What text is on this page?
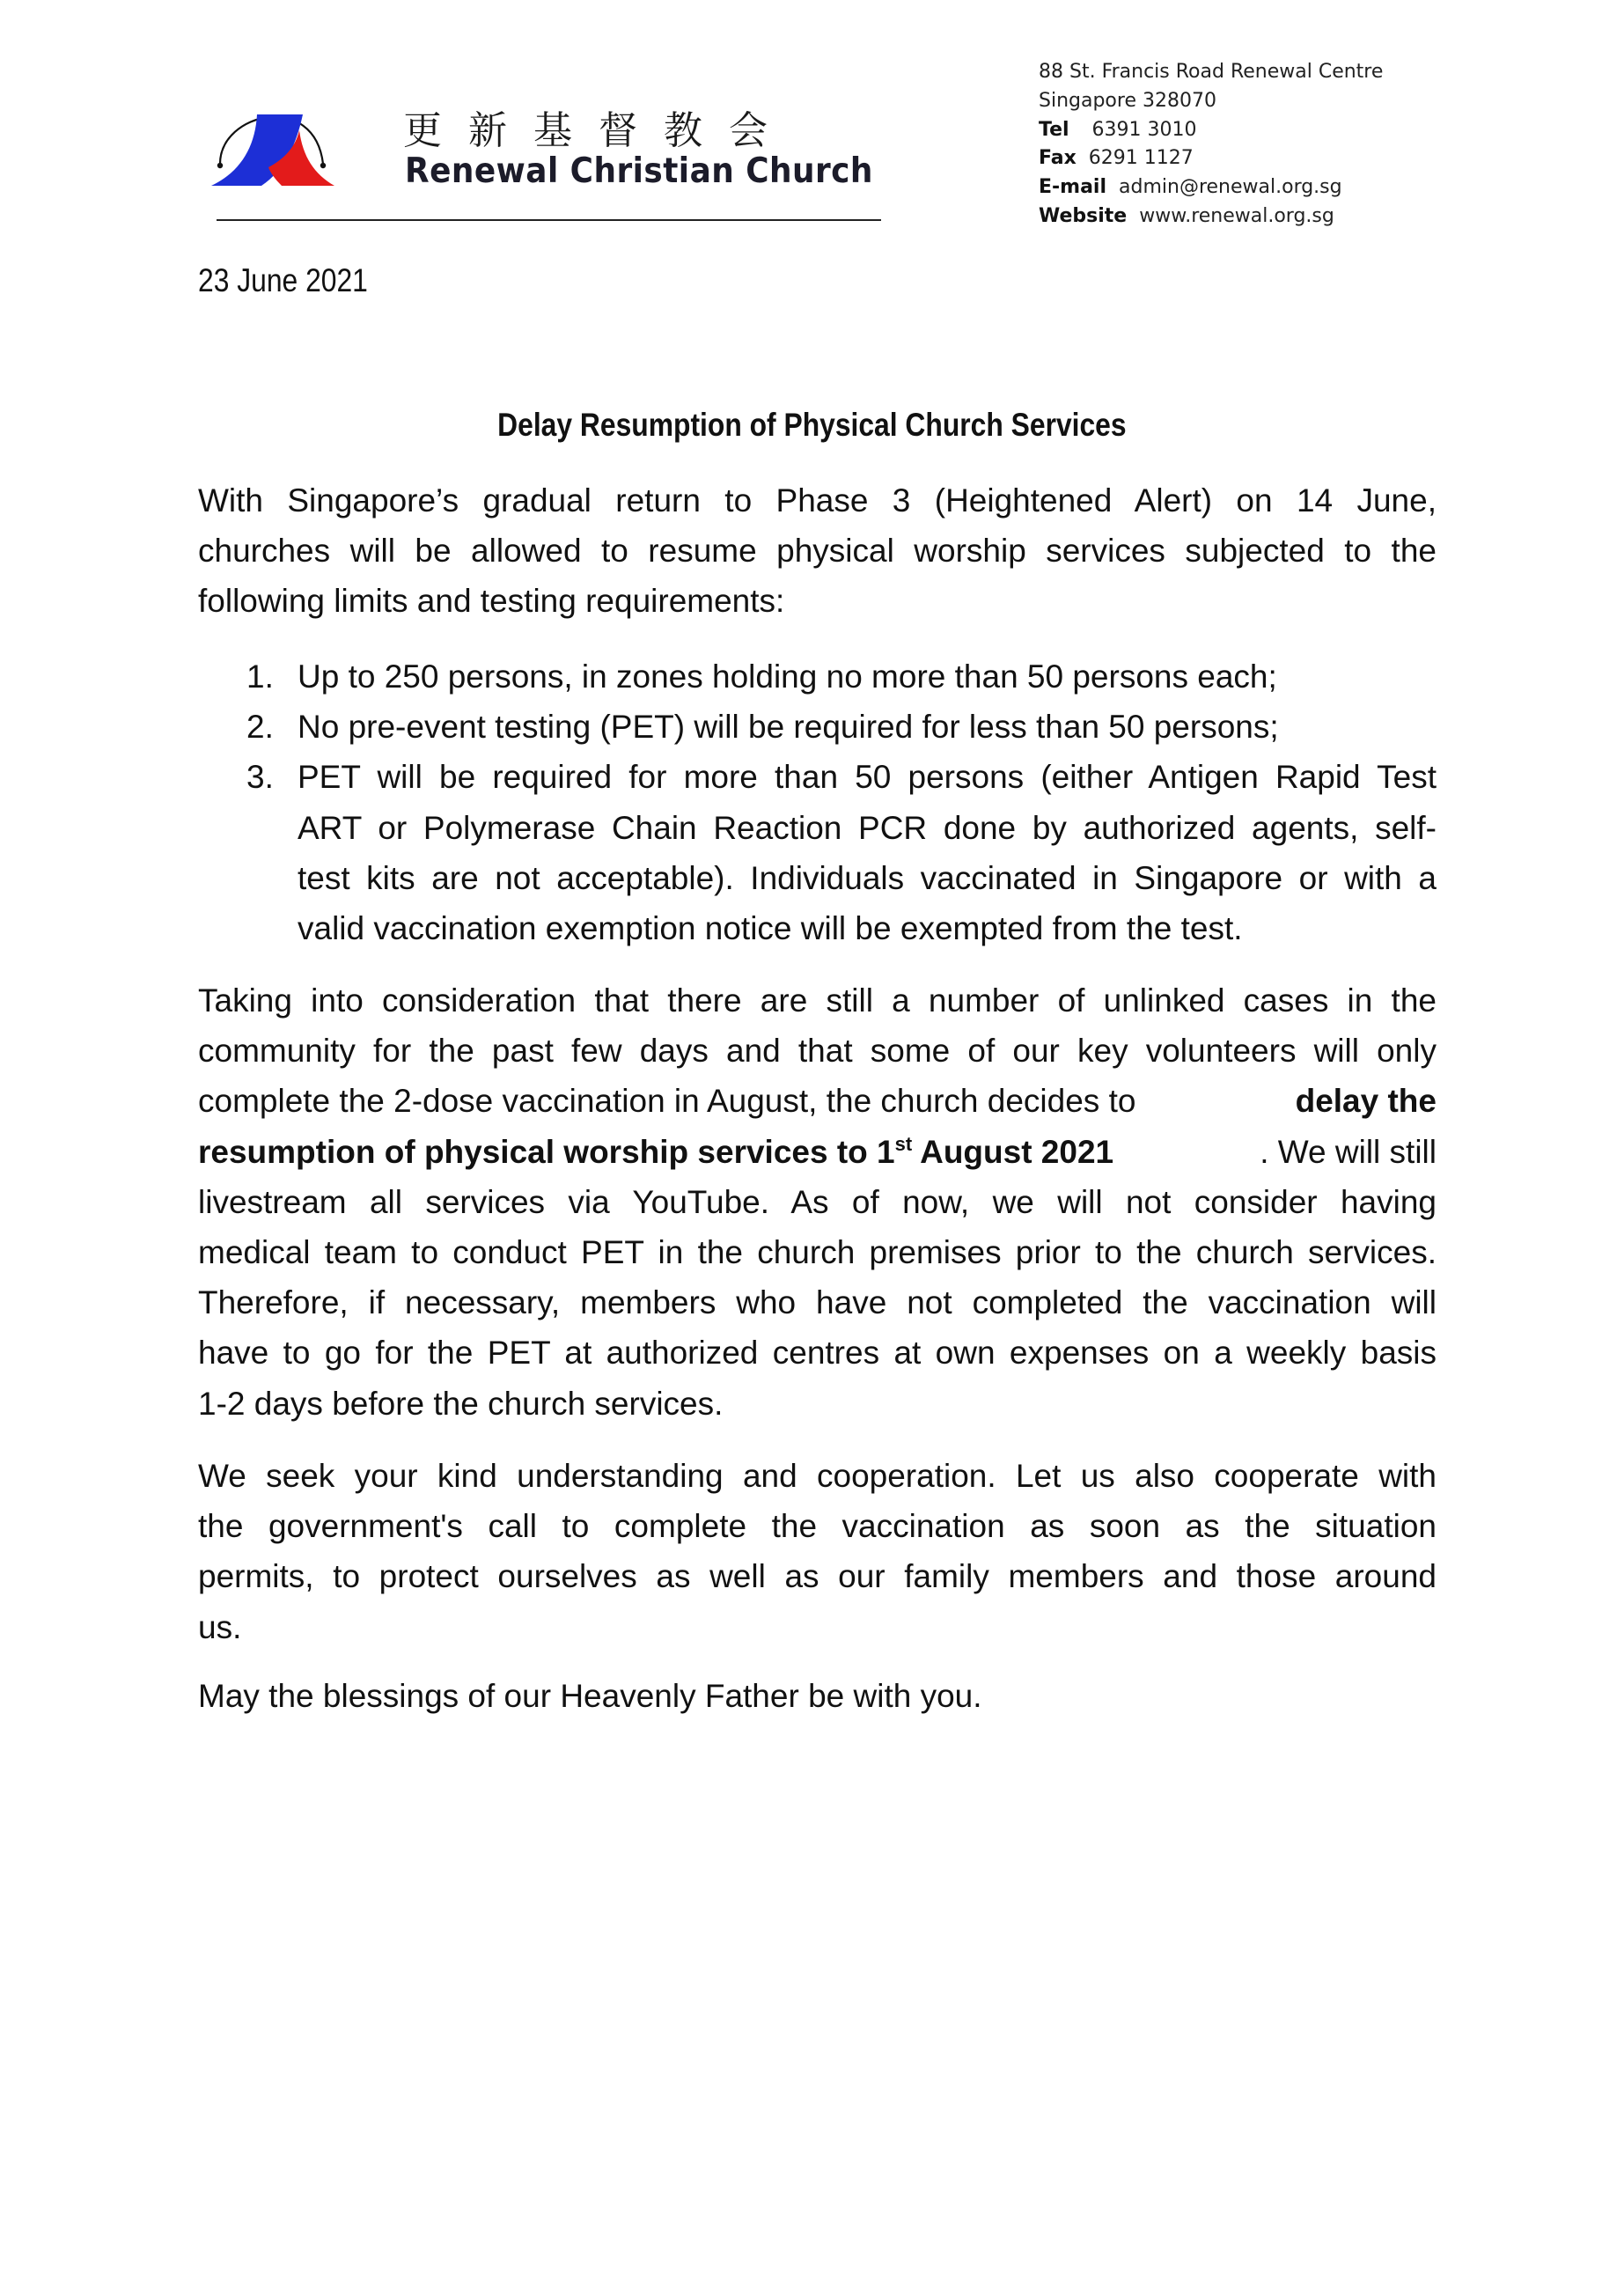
更新基督教会
Renewal Christian Church
88 St. Francis Road Renewal Centre
Singapore 328070
Tel 6391 3010
Fax 6291 1127
E-mail admin@renewal.org.sg
Website www.renewal.org.sg
23 June 2021
Delay Resumption of Physical Church Services
With Singapore’s gradual return to Phase 3 (Heightened Alert) on 14 June,
churches will be allowed to resume physical worship services subjected to the
following limits and testing requirements:
1. Up to 250 persons, in zones holding no more than 50 persons each;
2. No pre-event testing (PET) will be required for less than 50 persons;
3. PET will be required for more than 50 persons (either Antigen Rapid Test
ART or Polymerase Chain Reaction PCR done by authorized agents, self-
test kits are not acceptable). Individuals vaccinated in Singapore or with a
valid vaccination exemption notice will be exempted from the test.
Taking into consideration that there are still a number of unlinked cases in the
community for the past few days and that some of our key volunteers will only
complete the 2-dose vaccination in August, the church decides to	delay the
resumption of physical worship services to 1st August 2021	. We will still
livestream all services via YouTube. As of now, we will not consider having
medical team to conduct PET in the church premises prior to the church services.
Therefore, if necessary, members who have not completed the vaccination will
have to go for the PET at authorized centres at own expenses on a weekly basis
1-2 days before the church services.
We seek your kind understanding and cooperation. Let us also cooperate with
the government's call to complete the vaccination as soon as the situation
permits, to protect ourselves as well as our family members and those around
us.
May the blessings of our Heavenly Father be with you.
